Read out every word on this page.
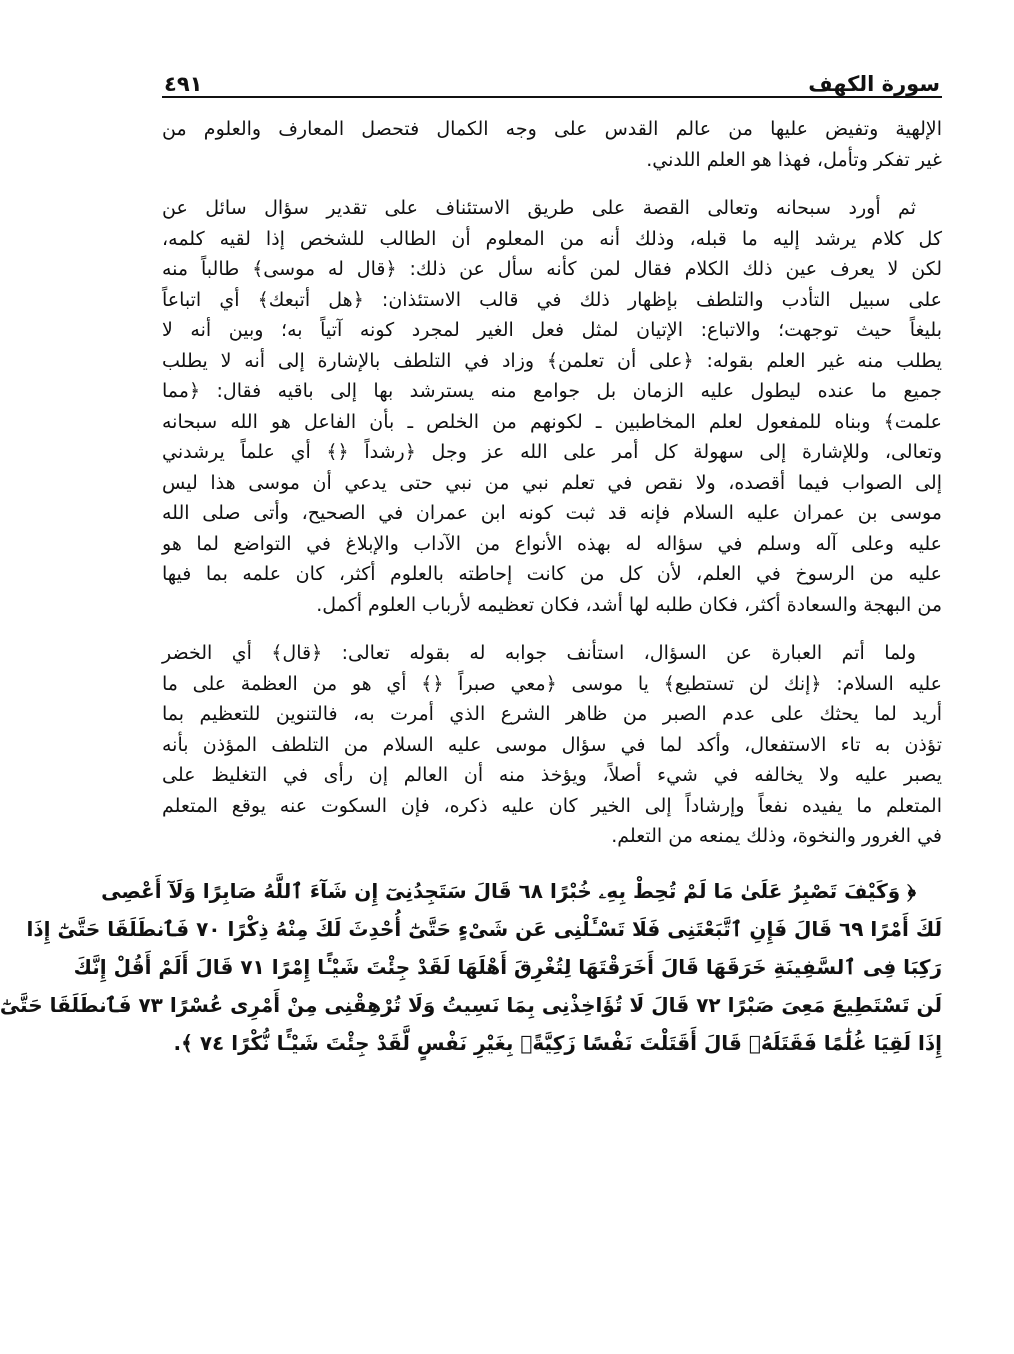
سورة الكهف
٤٩١
الإلهية وتفيض عليها من عالم القدس على وجه الكمال فتحصل المعارف والعلوم من
غير تفكر وتأمل، فهذا هو العلم اللدني.
ثم أورد سبحانه وتعالى القصة على طريق الاستئناف على تقدير سؤال سائل عن
كل كلام يرشد إليه ما قبله، وذلك أنه من المعلوم أن الطالب للشخص إذا لقيه كلمه،
لكن لا يعرف عين ذلك الكلام فقال لمن كأنه سأل عن ذلك: ﴿قال له موسى﴾ طالباً منه
على سبيل التأدب والتلطف بإظهار ذلك في قالب الاستئذان: ﴿هل أتبعك﴾ أي اتباعاً
بليغاً حيث توجهت؛ والاتباع: الإتيان لمثل فعل الغير لمجرد كونه آتياً به؛ وبين أنه لا
يطلب منه غير العلم بقوله: ﴿على أن تعلمن﴾ وزاد في التلطف بالإشارة إلى أنه لا يطلب
جميع ما عنده ليطول عليه الزمان بل جوامع منه يسترشد بها إلى باقيه فقال: ﴿مما
علمت﴾ وبناه للمفعول لعلم المخاطبين ـ لكونهم من الخلص ـ بأن الفاعل هو الله سبحانه
وتعالى، وللإشارة إلى سهولة كل أمر على الله عز وجل ﴿رشداً ﴿﴾ أي علماً يرشدني
إلى الصواب فيما أقصده، ولا نقص في تعلم نبي من نبي حتى يدعي أن موسى هذا ليس
موسى بن عمران عليه السلام فإنه قد ثبت كونه ابن عمران في الصحيح، وأتى صلى الله
عليه وعلى آله وسلم في سؤاله له بهذه الأنواع من الآداب والإبلاغ في التواضع لما هو
عليه من الرسوخ في العلم، لأن كل من كانت إحاطته بالعلوم أكثر، كان علمه بما فيها
من البهجة والسعادة أكثر، فكان طلبه لها أشد، فكان تعظيمه لأرباب العلوم أكمل.
ولما أتم العبارة عن السؤال، استأنف جوابه له بقوله تعالى: ﴿قال﴾ أي الخضر
عليه السلام: ﴿إنك لن تستطيع﴾ يا موسى ﴿معي صبراً ﴿﴾ أي هو من العظمة على ما
أريد لما يحثك على عدم الصبر من ظاهر الشرع الذي أمرت به، فالتنوين للتعظيم بما
تؤذن به تاء الاستفعال، وأكد لما في سؤال موسى عليه السلام من التلطف المؤذن بأنه
يصبر عليه ولا يخالفه في شيء أصلاً، ويؤخذ منه أن العالم إن رأى في التغليظ على
المتعلم ما يفيده نفعاً وإرشاداً إلى الخير كان عليه ذكره، فإن السكوت عنه يوقع المتعلم
في الغرور والنخوة، وذلك يمنعه من التعلم.
﴿ وَكَيْفَ تَصْبِرُ عَلَىٰ مَا لَمْ تُحِطْ بِهِۦ خُبْرًا ٦٨ قَالَ سَتَجِدُنِىٓ إِن شَآءَ ٱللَّهُ صَابِرًا وَلَآ أَعْصِى
لَكَ أَمْرًا ٦٩ قَالَ فَإِنِ ٱتَّبَعْتَنِى فَلَا تَسْـَٔلْنِى عَن شَىْءٍ حَتَّىٰٓ أُحْدِثَ لَكَ مِنْهُ ذِكْرًا ٧٠ فَٱنطَلَقَا حَتَّىٰٓ إِذَا
رَكِبَا فِى ٱلسَّفِينَةِ خَرَقَهَا قَالَ أَخَرَقْتَهَا لِتُغْرِقَ أَهْلَهَا لَقَدْ جِئْتَ شَيْـًٔا إِمْرًا ٧١ قَالَ أَلَمْ أَقُلْ إِنَّكَ
لَن تَسْتَطِيعَ مَعِىَ صَبْرًا ٧٢ قَالَ لَا تُؤَاخِذْنِى بِمَا نَسِيتُ وَلَا تُرْهِقْنِى مِنْ أَمْرِى عُسْرًا ٧٣ فَٱنطَلَقَا حَتَّىٰٓ
إِذَا لَقِيَا غُلَٰمًا فَقَتَلَهُۥ قَالَ أَقَتَلْتَ نَفْسًا زَكِيَّةًۢ بِغَيْرِ نَفْسٍ لَّقَدْ جِئْتَ شَيْـًٔا نُّكْرًا ٧٤ ﴾.
